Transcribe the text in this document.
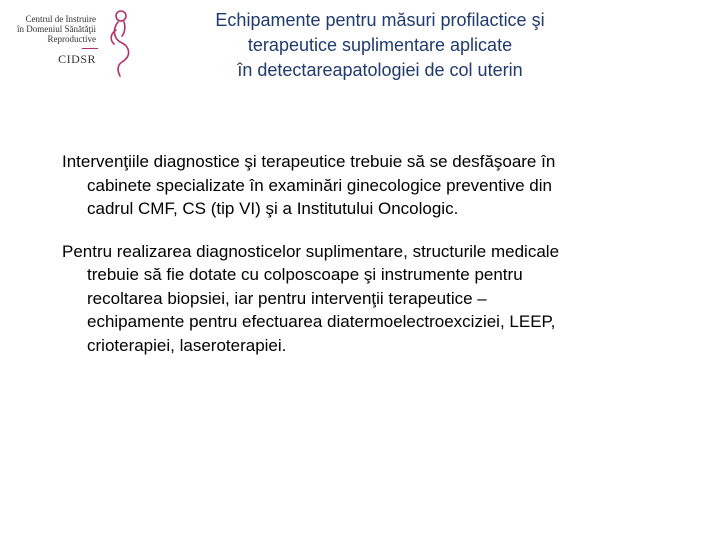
Centrul de Instruire
în Domeniul Sănătăţii
Reproductive
CIDSR
Echipamente pentru măsuri profilactice şi
terapeutice suplimentare aplicate
în detectareapatologiei de col uterin

Intervenţiile diagnostice şi terapeutice trebuie să se desfăşoare în
cabinete specializate în examinări ginecologice preventive din
cadrul CMF, CS (tip VI) şi a Institutului Oncologic.

Pentru realizarea diagnosticelor suplimentare, structurile medicale
trebuie să fie dotate cu colposcoape şi instrumente pentru
recoltarea biopsiei, iar pentru intervenţii terapeutice –
echipamente pentru efectuarea diatermoelectroexciziei, LEEP,
crioterapiei, laseroterapiei.
